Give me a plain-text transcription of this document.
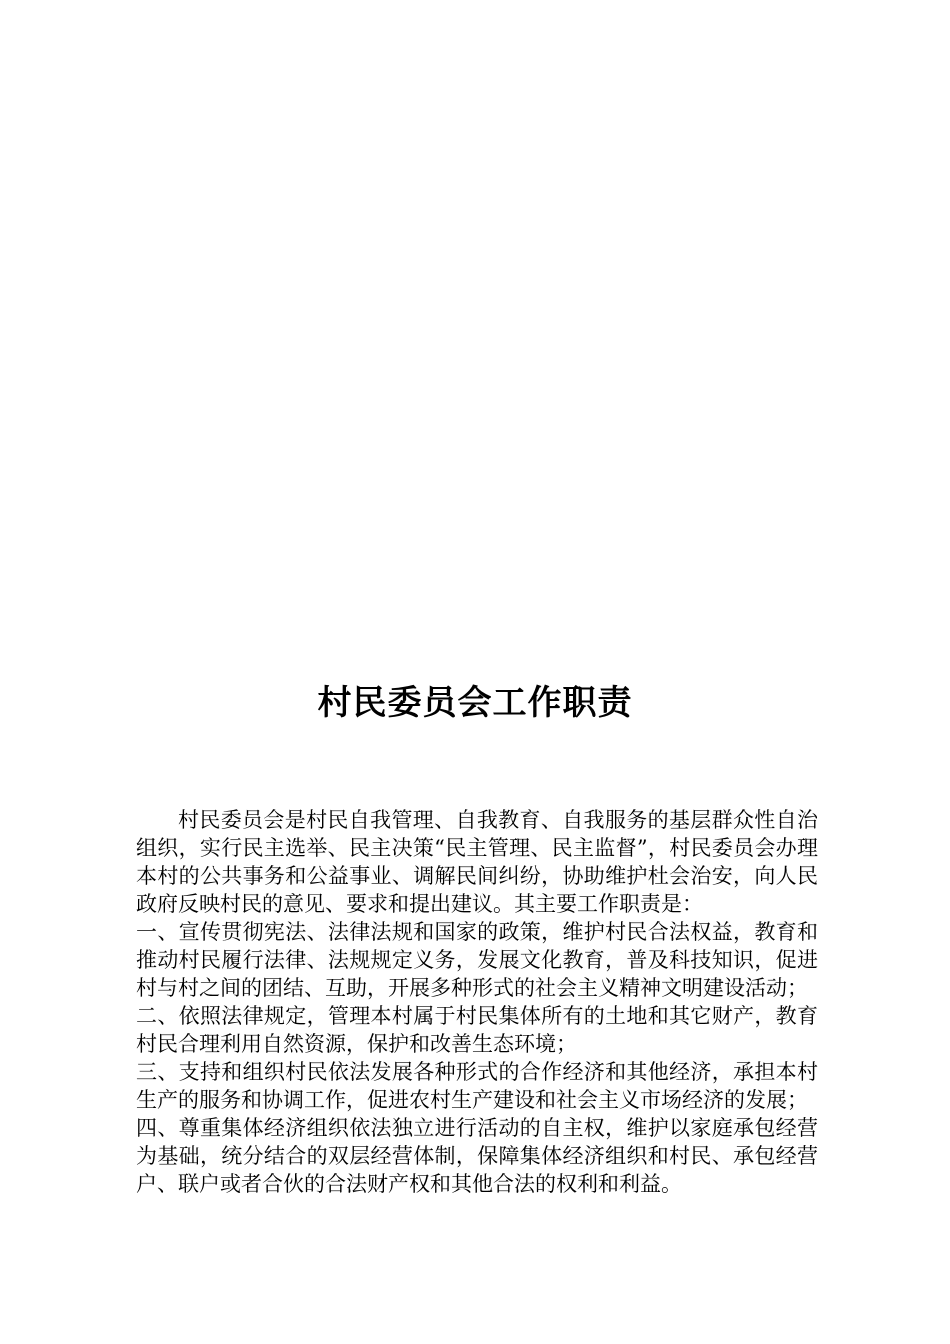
村民委员会工作职责

村民委员会是村民自我管理、自我教育、自我服务的基层群众性自治组织，实行民主选举、民主决策“民主管理、民主监督”，村民委员会办理本村的公共事务和公益事业、调解民间纠纷，协助维护杜会治安，向人民政府反映村民的意见、要求和提出建议。其主要工作职责是：

一、宣传贯彻宪法、法律法规和国家的政策，维护村民合法权益，教育和推动村民履行法律、法规规定义务，发展文化教育，普及科技知识，促进村与村之间的团结、互助，开展多种形式的社会主义精神文明建设活动；

二、依照法律规定，管理本村属于村民集体所有的土地和其它财产，教育村民合理利用自然资源，保护和改善生态环境；

三、支持和组织村民依法发展各种形式的合作经济和其他经济，承担本村生产的服务和协调工作，促进农村生产建设和社会主义市场经济的发展；

四、尊重集体经济组织依法独立进行活动的自主权，维护以家庭承包经营为基础，统分结合的双层经营体制，保障集体经济组织和村民、承包经营户、联户或者合伙的合法财产权和其他合法的权利和利益。
